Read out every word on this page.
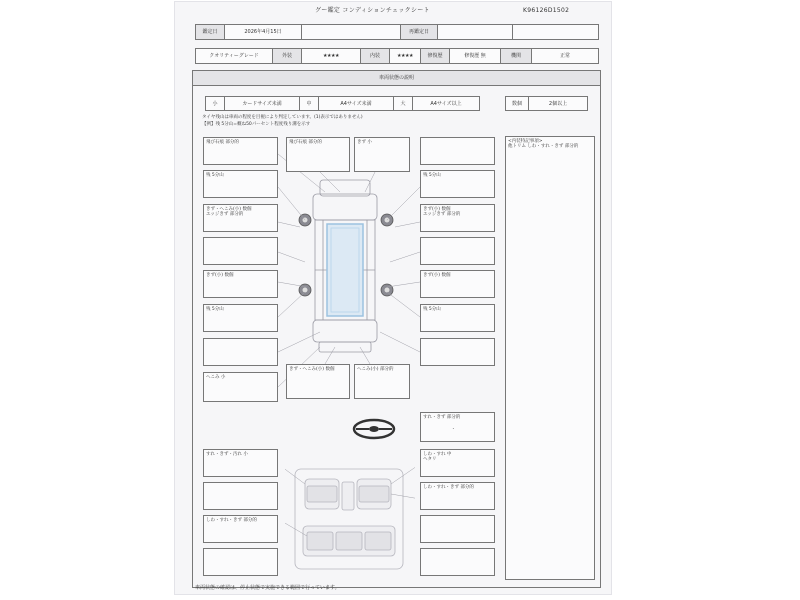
グー鑑定 コンディションチェックシート	K96126D1502
鑑定日	2026年4月15日	再鑑定日
クオリティーグレード	外装	★★★★	内装	★★★★	修復歴	修復歴 無	機関	正常
車両状態の説明
小	カードサイズ未満	中	A4サイズ未満	大	A4サイズ以上	数個	2個以上
タイヤ残山は車両の程度を目視により判定しています。(1)表示ではありません)
【例】残 5分山=概ね50パーセント程度残り溝を示す
<内装特記事項>
他トリム しわ・すれ・きず 部分的
飛び石痕 部分的
残 5分山
きず・へこみ(小) 数個
エッジきず 部分的
きず(小) 数個
残 5分山
へこみ 小
飛び石痕 部分的	きず 小
残 5分山
きず(小) 数個
エッジきず 部分的
きず(小) 数個
残 5分山
きず・へこみ(小) 数個	へこみ(小) 部分的
すれ・きず 部分的
・
すれ・きず・汚れ 小	しわ・すれ 中
ヘタリ
しわ・すれ・きず 部分的
しわ・すれ・きず 部分的
車両状態の確認は、停止状態で実施できる範囲で行っています。
